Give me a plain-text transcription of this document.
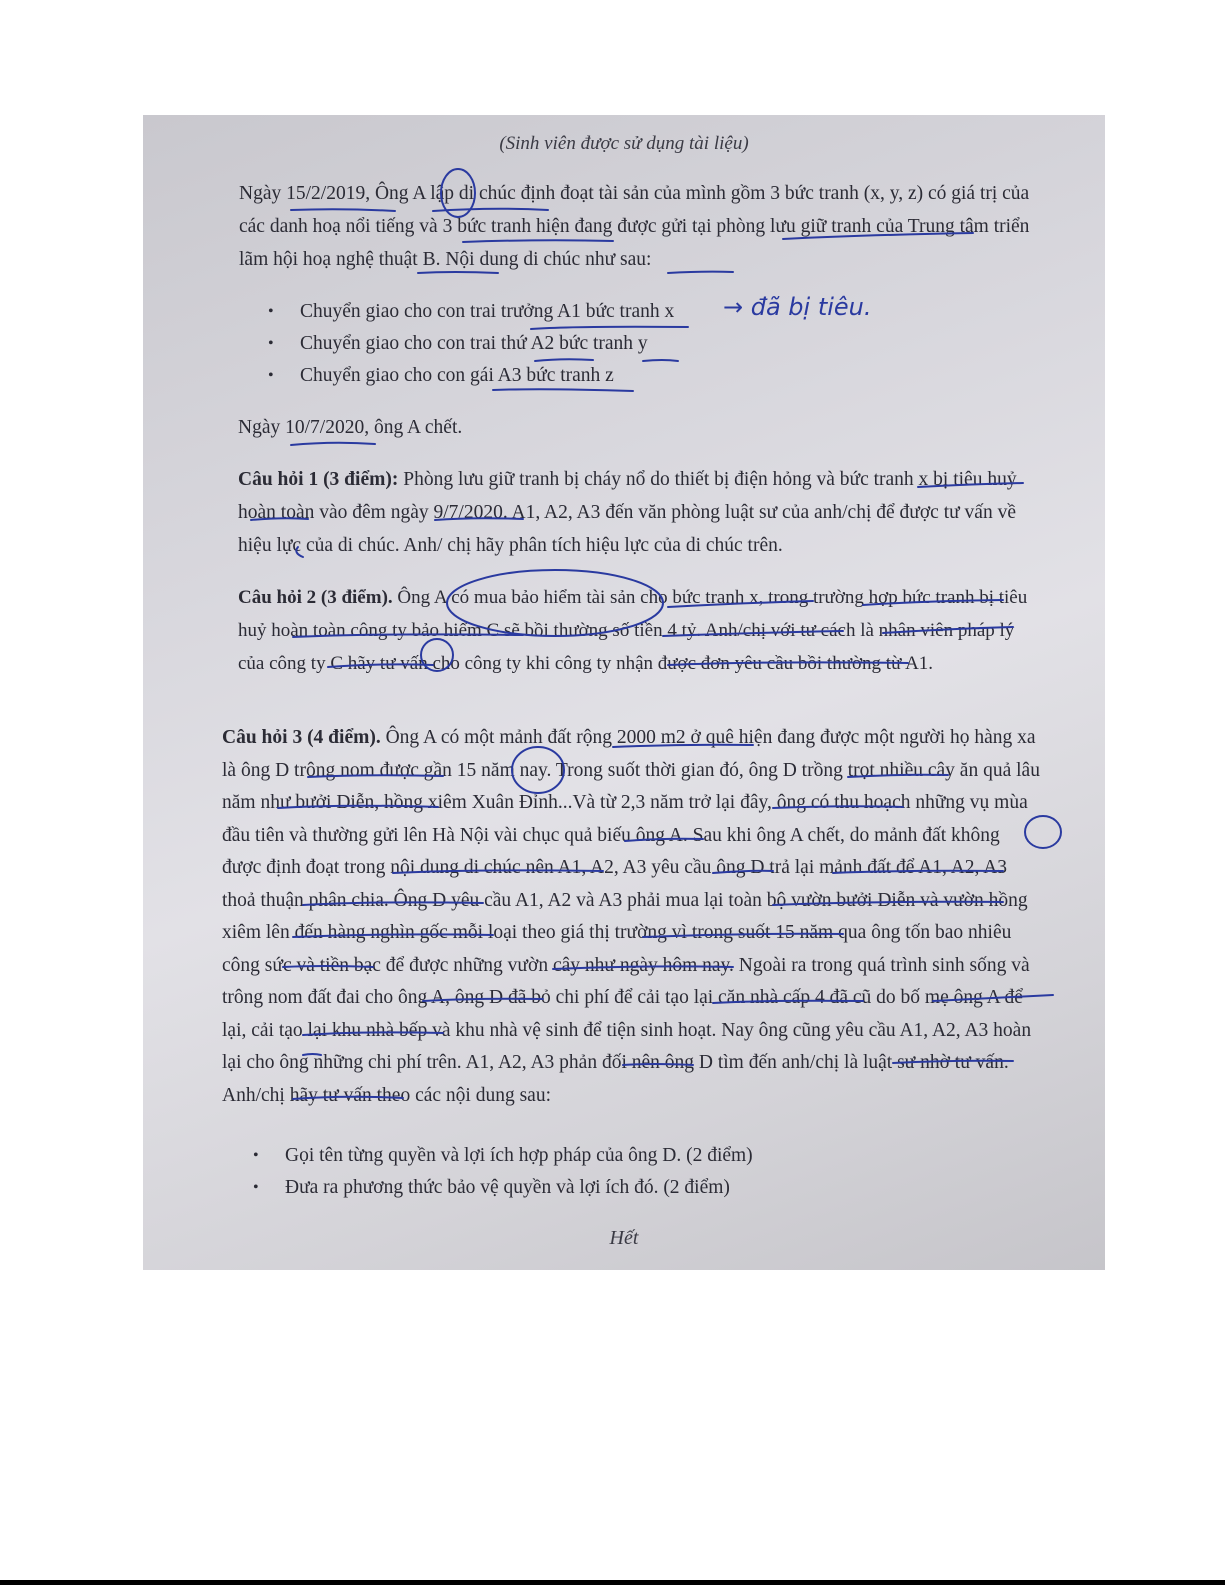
(Sinh viên được sử dụng tài liệu)

Ngày 15/2/2019, Ông A lập di chúc định đoạt tài sản của mình gồm 3 bức tranh (x, y, z) có giá trị của các danh hoạ nổi tiếng và 3 bức tranh hiện đang được gửi tại phòng lưu giữ tranh của Trung tâm triển lãm hội hoạ nghệ thuật B. Nội dung di chúc như sau:

• Chuyển giao cho con trai trưởng A1 bức tranh x
• Chuyển giao cho con trai thứ A2 bức tranh y
• Chuyển giao cho con gái A3 bức tranh z
→ đã bị tiêu.

Ngày 10/7/2020, ông A chết.

Câu hỏi 1 (3 điểm): Phòng lưu giữ tranh bị cháy nổ do thiết bị điện hỏng và bức tranh x bị tiêu huỷ hoàn toàn vào đêm ngày 9/7/2020. A1, A2, A3 đến văn phòng luật sư của anh/chị để được tư vấn về hiệu lực của di chúc. Anh/ chị hãy phân tích hiệu lực của di chúc trên.

Câu hỏi 2 (3 điểm). Ông A có mua bảo hiểm tài sản cho bức tranh x, trong trường hợp bức tranh bị tiêu huỷ hoàn toàn công ty bảo hiểm C sẽ bồi thường số tiền 4 tỷ. Anh/chị với tư cách là nhân viên pháp lý của công ty C hãy tư vấn cho công ty khi công ty nhận được đơn yêu cầu bồi thường từ A1.

Câu hỏi 3 (4 điểm). Ông A có một mảnh đất rộng 2000 m2 ở quê hiện đang được một người họ hàng xa là ông D trông nom được gần 15 năm nay. Trong suốt thời gian đó, ông D trồng trọt nhiều cây ăn quả lâu năm như bưởi Diễn, hồng xiêm Xuân Đỉnh...Và từ 2,3 năm trở lại đây, ông có thu hoạch những vụ mùa đầu tiên và thường gửi lên Hà Nội vài chục quả biếu ông A. Sau khi ông A chết, do mảnh đất không được định đoạt trong nội dung di chúc nên A1, A2, A3 yêu cầu ông D trả lại mảnh đất để A1, A2, A3 thoả thuận phân chia. Ông D yêu cầu A1, A2 và A3 phải mua lại toàn bộ vườn bưởi Diễn và vườn hồng xiêm lên đến hàng nghìn gốc mỗi loại theo giá thị trường vì trong suốt 15 năm qua ông tốn bao nhiêu công sức và tiền bạc để được những vườn cây như ngày hôm nay. Ngoài ra trong quá trình sinh sống và trông nom đất đai cho ông A, ông D đã bỏ chi phí để cải tạo lại căn nhà cấp 4 đã cũ do bố mẹ ông A để lại, cải tạo lại khu nhà bếp và khu nhà vệ sinh để tiện sinh hoạt. Nay ông cũng yêu cầu A1, A2, A3 hoàn lại cho ông những chi phí trên. A1, A2, A3 phản đối nên ông D tìm đến anh/chị là luật sư nhờ tư vấn. Anh/chị hãy tư vấn theo các nội dung sau:

• Gọi tên từng quyền và lợi ích hợp pháp của ông D. (2 điểm)
• Đưa ra phương thức bảo vệ quyền và lợi ích đó. (2 điểm)
Hết
